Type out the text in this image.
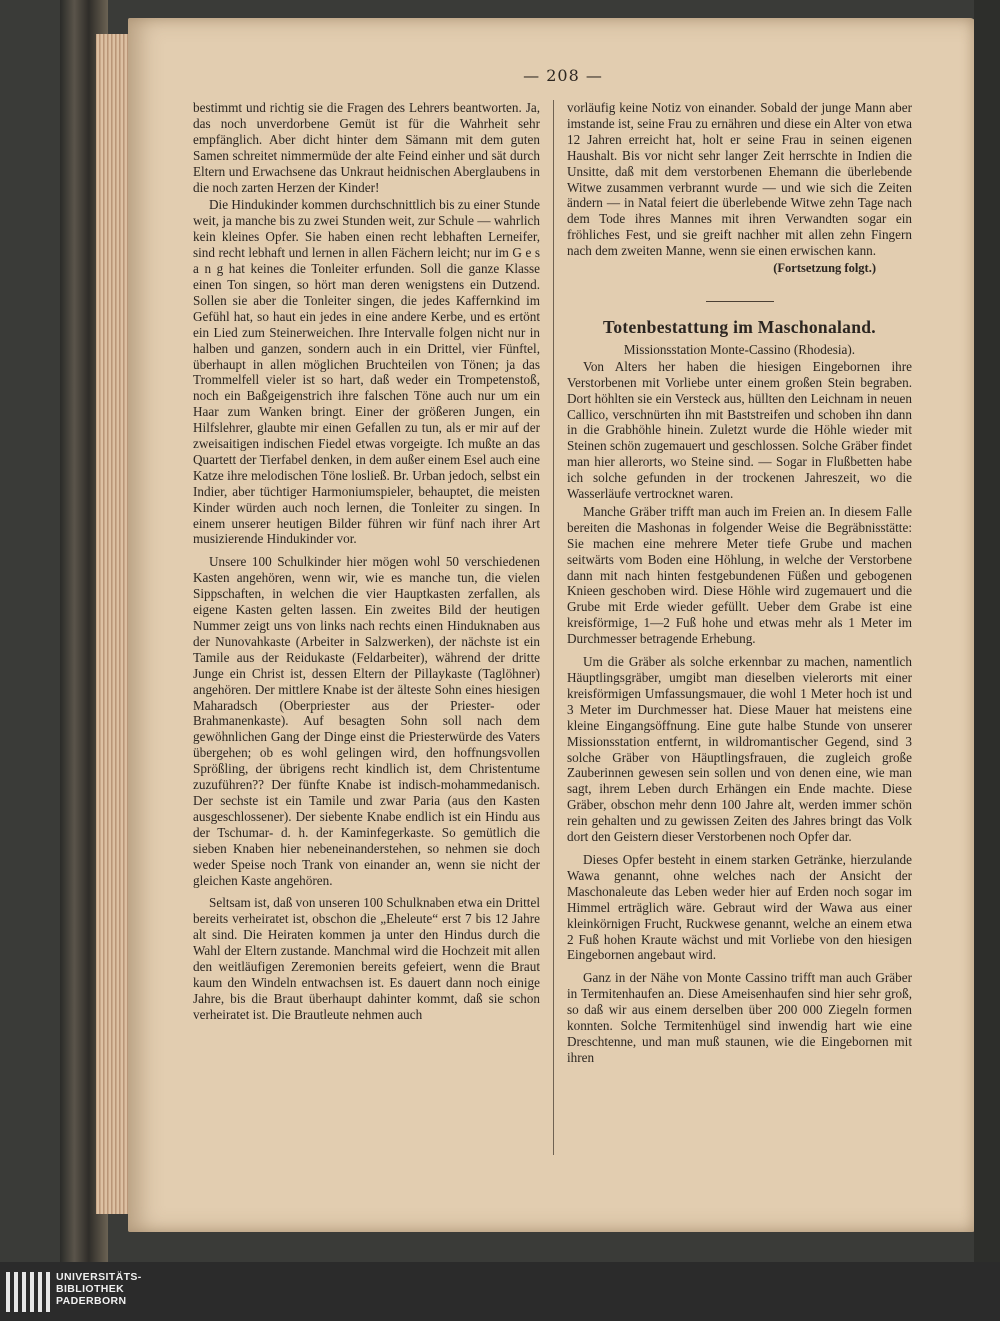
— 208 —

bestimmt und richtig sie die Fragen des Lehrers beantworten. Ja, das noch unverdorbene Gemüt ist für die Wahrheit sehr empfänglich. Aber dicht hinter dem Sämann mit dem guten Samen schreitet nimmermüde der alte Feind einher und sät durch Eltern und Erwachsene das Unkraut heidnischen Aberglaubens in die noch zarten Herzen der Kinder!

Die Hindukinder kommen durchschnittlich bis zu einer Stunde weit, ja manche bis zu zwei Stunden weit, zur Schule — wahrlich kein kleines Opfer. Sie haben einen recht lebhaften Lerneifer, sind recht lebhaft und lernen in allen Fächern leicht; nur im G e s a n g hat keines die Tonleiter erfunden. Soll die ganze Klasse einen Ton singen, so hört man deren wenigstens ein Dutzend. Sollen sie aber die Tonleiter singen, die jedes Kaffernkind im Gefühl hat, so haut ein jedes in eine andere Kerbe, und es ertönt ein Lied zum Steinerweichen. Ihre Intervalle folgen nicht nur in halben und ganzen, sondern auch in ein Drittel, vier Fünftel, überhaupt in allen möglichen Bruchteilen von Tönen; ja das Trommelfell vieler ist so hart, daß weder ein Trompetenstoß, noch ein Baßgeigenstrich ihre falschen Töne auch nur um ein Haar zum Wanken bringt. Einer der größeren Jungen, ein Hilfslehrer, glaubte mir einen Gefallen zu tun, als er mir auf der zweisaitigen indischen Fiedel etwas vorgeigte. Ich mußte an das Quartett der Tierfabel denken, in dem außer einem Esel auch eine Katze ihre melodischen Töne losließ. Br. Urban jedoch, selbst ein Indier, aber tüchtiger Harmoniumspieler, behauptet, die meisten Kinder würden auch noch lernen, die Tonleiter zu singen. In einem unserer heutigen Bilder führen wir fünf nach ihrer Art musizierende Hindukinder vor.

Unsere 100 Schulkinder hier mögen wohl 50 verschiedenen Kasten angehören, wenn wir, wie es manche tun, die vielen Sippschaften, in welchen die vier Hauptkasten zerfallen, als eigene Kasten gelten lassen. Ein zweites Bild der heutigen Nummer zeigt uns von links nach rechts einen Hinduknaben aus der Nunovahkaste (Arbeiter in Salzwerken), der nächste ist ein Tamile aus der Reidukaste (Feldarbeiter), während der dritte Junge ein Christ ist, dessen Eltern der Pillaykaste (Taglöhner) angehören. Der mittlere Knabe ist der älteste Sohn eines hiesigen Maharadsch (Oberpriester aus der Priester- oder Brahmanenkaste). Auf besagten Sohn soll nach dem gewöhnlichen Gang der Dinge einst die Priesterwürde des Vaters übergehen; ob es wohl gelingen wird, den hoffnungsvollen Sprößling, der übrigens recht kindlich ist, dem Christentume zuzuführen?? Der fünfte Knabe ist indisch-mohammedanisch. Der sechste ist ein Tamile und zwar Paria (aus den Kasten ausgeschlossener). Der siebente Knabe endlich ist ein Hindu aus der Tschumar- d. h. der Kaminfegerkaste. So gemütlich die sieben Knaben hier nebeneinanderstehen, so nehmen sie doch weder Speise noch Trank von einander an, wenn sie nicht der gleichen Kaste angehören.

Seltsam ist, daß von unseren 100 Schulknaben etwa ein Drittel bereits verheiratet ist, obschon die „Eheleute“ erst 7 bis 12 Jahre alt sind. Die Heiraten kommen ja unter den Hindus durch die Wahl der Eltern zustande. Manchmal wird die Hochzeit mit allen den weitläufigen Zeremonien bereits gefeiert, wenn die Braut kaum den Windeln entwachsen ist. Es dauert dann noch einige Jahre, bis die Braut überhaupt dahinter kommt, daß sie schon verheiratet ist. Die Brautleute nehmen auch

vorläufig keine Notiz von einander. Sobald der junge Mann aber imstande ist, seine Frau zu ernähren und diese ein Alter von etwa 12 Jahren erreicht hat, holt er seine Frau in seinen eigenen Haushalt. Bis vor nicht sehr langer Zeit herrschte in Indien die Unsitte, daß mit dem verstorbenen Ehemann die überlebende Witwe zusammen verbrannt wurde — und wie sich die Zeiten ändern — in Natal feiert die überlebende Witwe zehn Tage nach dem Tode ihres Mannes mit ihren Verwandten sogar ein fröhliches Fest, und sie greift nachher mit allen zehn Fingern nach dem zweiten Manne, wenn sie einen erwischen kann.

(Fortsetzung folgt.)
Totenbestattung im Maschonaland.
Missionsstation Monte-Cassino (Rhodesia).

Von Alters her haben die hiesigen Eingebornen ihre Verstorbenen mit Vorliebe unter einem großen Stein begraben. Dort höhlten sie ein Versteck aus, hüllten den Leichnam in neuen Callico, verschnürten ihn mit Baststreifen und schoben ihn dann in die Grabhöhle hinein. Zuletzt wurde die Höhle wieder mit Steinen schön zugemauert und geschlossen. Solche Gräber findet man hier allerorts, wo Steine sind. — Sogar in Flußbetten habe ich solche gefunden in der trockenen Jahreszeit, wo die Wasserläufe vertrocknet waren.

Manche Gräber trifft man auch im Freien an. In diesem Falle bereiten die Mashonas in folgender Weise die Begräbnisstätte: Sie machen eine mehrere Meter tiefe Grube und machen seitwärts vom Boden eine Höhlung, in welche der Verstorbene dann mit nach hinten festgebundenen Füßen und gebogenen Knieen geschoben wird. Diese Höhle wird zugemauert und die Grube mit Erde wieder gefüllt. Ueber dem Grabe ist eine kreisförmige, 1—2 Fuß hohe und etwas mehr als 1 Meter im Durchmesser betragende Erhebung.

Um die Gräber als solche erkennbar zu machen, namentlich Häuptlingsgräber, umgibt man dieselben vielerorts mit einer kreisförmigen Umfassungsmauer, die wohl 1 Meter hoch ist und 3 Meter im Durchmesser hat. Diese Mauer hat meistens eine kleine Eingangsöffnung. Eine gute halbe Stunde von unserer Missionsstation entfernt, in wildromantischer Gegend, sind 3 solche Gräber von Häuptlingsfrauen, die zugleich große Zauberinnen gewesen sein sollen und von denen eine, wie man sagt, ihrem Leben durch Erhängen ein Ende machte. Diese Gräber, obschon mehr denn 100 Jahre alt, werden immer schön rein gehalten und zu gewissen Zeiten des Jahres bringt das Volk dort den Geistern dieser Verstorbenen noch Opfer dar.

Dieses Opfer besteht in einem starken Getränke, hierzulande Wawa genannt, ohne welches nach der Ansicht der Maschonaleute das Leben weder hier auf Erden noch sogar im Himmel erträglich wäre. Gebraut wird der Wawa aus einer kleinkörnigen Frucht, Ruckwese genannt, welche an einem etwa 2 Fuß hohen Kraute wächst und mit Vorliebe von den hiesigen Eingebornen angebaut wird.

Ganz in der Nähe von Monte Cassino trifft man auch Gräber in Termitenhaufen an. Diese Ameisenhaufen sind hier sehr groß, so daß wir aus einem derselben über 200 000 Ziegeln formen konnten. Solche Termitenhügel sind inwendig hart wie eine Dreschtenne, und man muß staunen, wie die Eingebornen mit ihren

UNIVERSITÄTS-
BIBLIOTHEK
PADERBORN
